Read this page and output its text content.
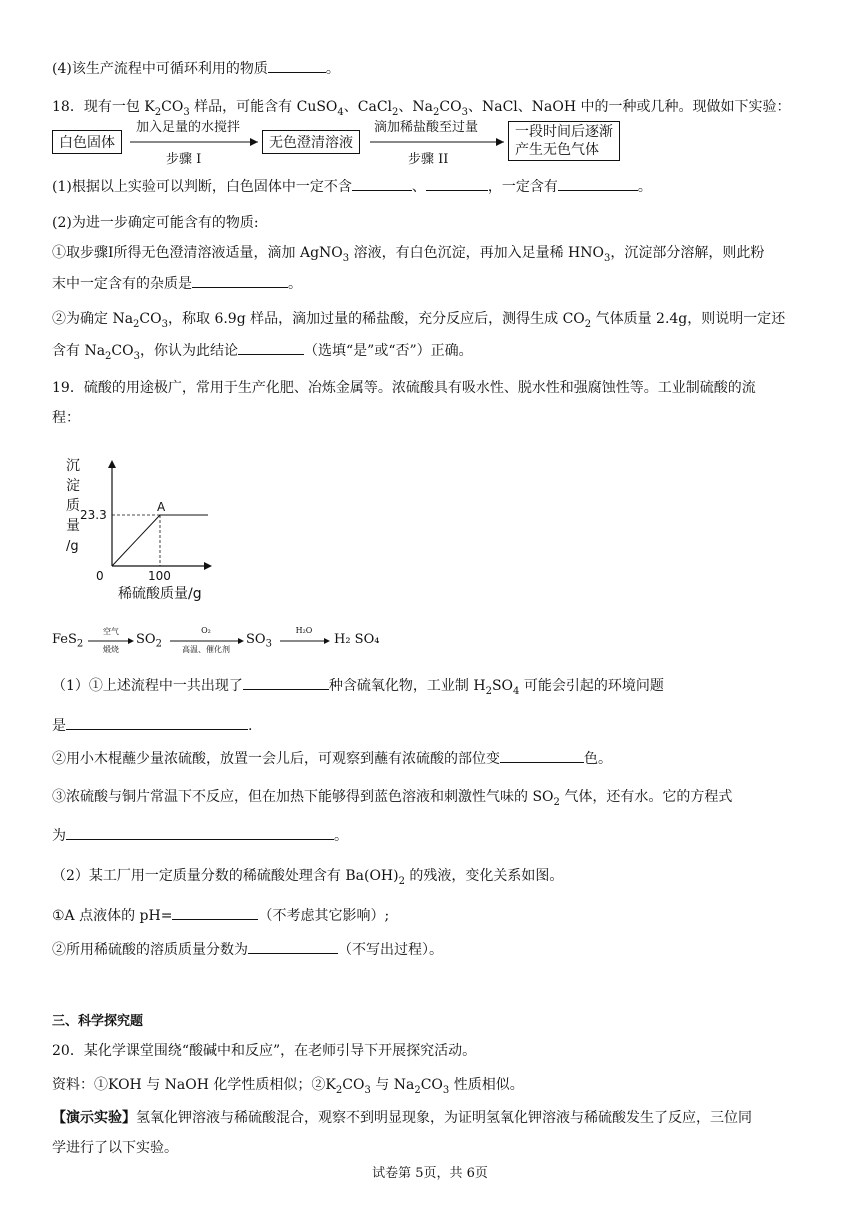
(4)该生产流程中可循环利用的物质	。
18．现有一包 $K_2CO_3$ 样品，可能含有 CuSO$_4$、CaCl$_2$、$Na_2CO_3$、NaCl、NaOH 中的一种或几种。现做如下实验：
白色固体
加入足量的水搅拌
步骤 I
无色澄清溶液
滴加稀盐酸至过量
步骤 II
一段时间后逐渐
产生无色气体
(1)根据以上实验可以判断，白色固体中一定不含	、	，一定含有	。
(2)为进一步确定可能含有的物质:
①取步骤I所得无色澄清溶液适量，滴加 AgNO$_3$ 溶液，有白色沉淀，再加入足量稀 $HNO_3$，沉淀部分溶解，则此粉
末中一定含有的杂质是	。
②为确定 $Na_2CO_3$，称取 6.9g 样品，滴加过量的稀盐酸，充分反应后，测得生成 $CO_2$ 气体质量 2.4g，则说明一定还
含有 $Na_2CO_3$，你认为此结论	（选填“是”或“否”）正确。
19．硫酸的用途极广，常用于生产化肥、冶炼金属等。浓硫酸具有吸水性、脱水性和强腐蚀性等。工业制硫酸的流
程：
沉
淀
质
量
/g
23.3
A
0	100
稀硫酸质量/g
FeS$_2$
空气
煅烧
$SO_2$
O₂
高温、催化剂
$SO_3$
H₂O
H₂ SO₄
（1）①上述流程中一共出现了	种含硫氧化物，工业制 $H_2SO_4$ 可能会引起的环境问题
是	.
②用小木棍蘸少量浓硫酸，放置一会儿后，可观察到蘸有浓硫酸的部位变	色。
③浓硫酸与铜片常温下不反应，但在加热下能够得到蓝色溶液和刺激性气味的 $SO_2$ 气体，还有水。它的方程式
为	。
（2）某工厂用一定质量分数的稀硫酸处理含有 $Ba(OH)_2$ 的残液，变化关系如图。
①A 点液体的 pH=	（不考虑其它影响）;
②所用稀硫酸的溶质质量分数为	（不写出过程）。
三、科学探究题
20．某化学课堂围绕“酸碱中和反应”，在老师引导下开展探究活动。
资料：①KOH 与 NaOH 化学性质相似；$②K_2CO_3$ 与 $Na_2CO_3$ 性质相似。
【演示实验】氢氧化钾溶液与稀硫酸混合，观察不到明显现象，为证明氢氧化钾溶液与稀硫酸发生了反应，三位同
学进行了以下实验。
试卷第 5页，共 6页
